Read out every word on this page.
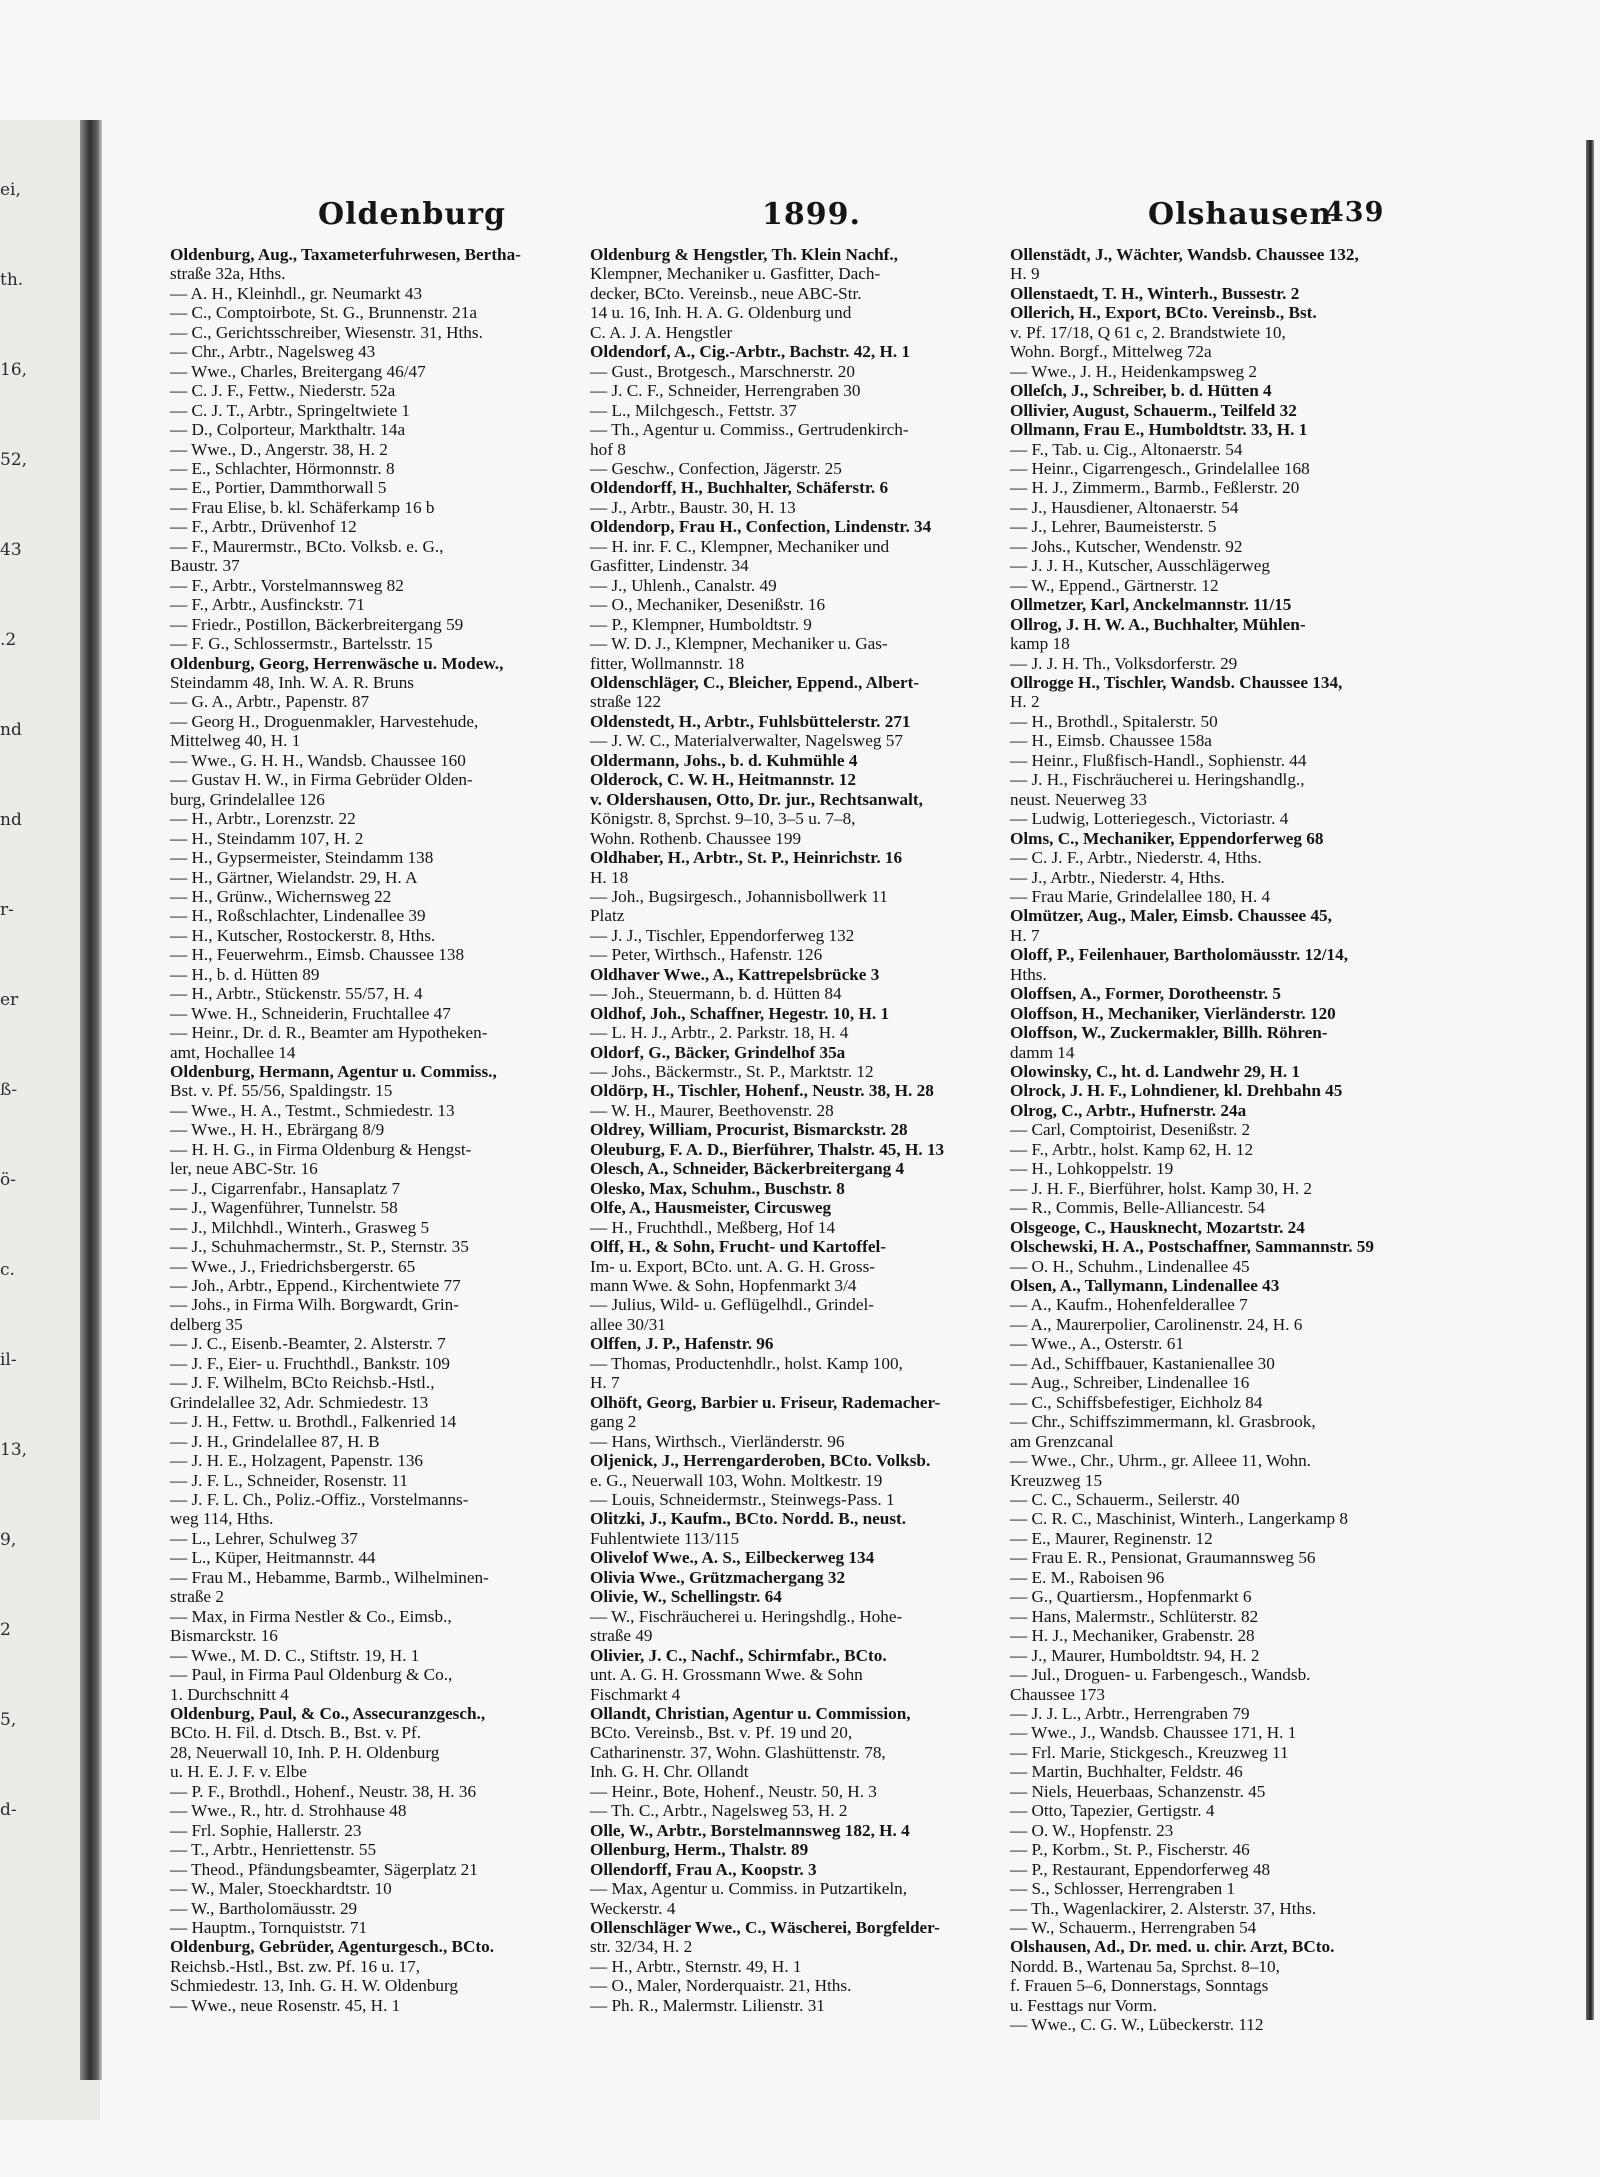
ei,
th.
16,
52,
43
.2
nd
nd
r-
er
ß-
ö-
c.
il-
13,
9,
2
5,
d-
Oldenburg	1899.	Olshausen
439
Oldenburg, Aug., Taxameterfuhrwesen, Bertha-
straße 32a, Hths.
— A. H., Kleinhdl., gr. Neumarkt 43
— C., Comptoirbote, St. G., Brunnenstr. 21a
— C., Gerichtsschreiber, Wiesenstr. 31, Hths.
— Chr., Arbtr., Nagelsweg 43
— Wwe., Charles, Breitergang 46/47
— C. J. F., Fettw., Niederstr. 52a
— C. J. T., Arbtr., Springeltwiete 1
— D., Colporteur, Markthaltr. 14a
— Wwe., D., Angerstr. 38, H. 2
— E., Schlachter, Hörmonnstr. 8
— E., Portier, Dammthorwall 5
— Frau Elise, b. kl. Schäferkamp 16 b
— F., Arbtr., Drüvenhof 12
— F., Maurermstr., BCto. Volksb. e. G.,
Baustr. 37
— F., Arbtr., Vorstelmannsweg 82
— F., Arbtr., Ausfinckstr. 71
— Friedr., Postillon, Bäckerbreitergang 59
— F. G., Schlossermstr., Bartelsstr. 15
Oldenburg, Georg, Herrenwäsche u. Modew.,
Steindamm 48, Inh. W. A. R. Bruns
— G. A., Arbtr., Papenstr. 87
— Georg H., Droguenmakler, Harvestehude,
Mittelweg 40, H. 1
— Wwe., G. H. H., Wandsb. Chaussee 160
— Gustav H. W., in Firma Gebrüder Olden-
burg, Grindelallee 126
— H., Arbtr., Lorenzstr. 22
— H., Steindamm 107, H. 2
— H., Gypsermeister, Steindamm 138
— H., Gärtner, Wielandstr. 29, H. A
— H., Grünw., Wichernsweg 22
— H., Roßschlachter, Lindenallee 39
— H., Kutscher, Rostockerstr. 8, Hths.
— H., Feuerwehrm., Eimsb. Chaussee 138
— H., b. d. Hütten 89
— H., Arbtr., Stückenstr. 55/57, H. 4
— Wwe. H., Schneiderin, Fruchtallee 47
— Heinr., Dr. d. R., Beamter am Hypotheken-
amt, Hochallee 14
Oldenburg, Hermann, Agentur u. Commiss.,
Bst. v. Pf. 55/56, Spaldingstr. 15
— Wwe., H. A., Testmt., Schmiedestr. 13
— Wwe., H. H., Ebrärgang 8/9
— H. H. G., in Firma Oldenburg & Hengst-
ler, neue ABC-Str. 16
— J., Cigarrenfabr., Hansaplatz 7
— J., Wagenführer, Tunnelstr. 58
— J., Milchhdl., Winterh., Grasweg 5
— J., Schuhmachermstr., St. P., Sternstr. 35
— Wwe., J., Friedrichsbergerstr. 65
— Joh., Arbtr., Eppend., Kirchentwiete 77
— Johs., in Firma Wilh. Borgwardt, Grin-
delberg 35
— J. C., Eisenb.-Beamter, 2. Alsterstr. 7
— J. F., Eier- u. Fruchthdl., Bankstr. 109
— J. F. Wilhelm, BCto Reichsb.-Hstl.,
Grindelallee 32, Adr. Schmiedestr. 13
— J. H., Fettw. u. Brothdl., Falkenried 14
— J. H., Grindelallee 87, H. B
— J. H. E., Holzagent, Papenstr. 136
— J. F. L., Schneider, Rosenstr. 11
— J. F. L. Ch., Poliz.-Offiz., Vorstelmanns-
weg 114, Hths.
— L., Lehrer, Schulweg 37
— L., Küper, Heitmannstr. 44
— Frau M., Hebamme, Barmb., Wilhelminen-
straße 2
— Max, in Firma Nestler & Co., Eimsb.,
Bismarckstr. 16
— Wwe., M. D. C., Stiftstr. 19, H. 1
— Paul, in Firma Paul Oldenburg & Co.,
1. Durchschnitt 4
Oldenburg, Paul, & Co., Assecuranzgesch.,
BCto. H. Fil. d. Dtsch. B., Bst. v. Pf.
28, Neuerwall 10, Inh. P. H. Oldenburg
u. H. E. J. F. v. Elbe
— P. F., Brothdl., Hohenf., Neustr. 38, H. 36
— Wwe., R., htr. d. Strohhause 48
— Frl. Sophie, Hallerstr. 23
— T., Arbtr., Henriettenstr. 55
— Theod., Pfändungsbeamter, Sägerplatz 21
— W., Maler, Stoeckhardtstr. 10
— W., Bartholomäusstr. 29
— Hauptm., Tornquiststr. 71
Oldenburg, Gebrüder, Agenturgesch., BCto.
Reichsb.-Hstl., Bst. zw. Pf. 16 u. 17,
Schmiedestr. 13, Inh. G. H. W. Oldenburg
— Wwe., neue Rosenstr. 45, H. 1
Oldenburg & Hengstler, Th. Klein Nachf.,
Klempner, Mechaniker u. Gasfitter, Dach-
decker, BCto. Vereinsb., neue ABC-Str.
14 u. 16, Inh. H. A. G. Oldenburg und
C. A. J. A. Hengstler
Oldendorf, A., Cig.-Arbtr., Bachstr. 42, H. 1
— Gust., Brotgesch., Marschnerstr. 20
— J. C. F., Schneider, Herrengraben 30
— L., Milchgesch., Fettstr. 37
— Th., Agentur u. Commiss., Gertrudenkirch-
hof 8
— Geschw., Confection, Jägerstr. 25
Oldendorff, H., Buchhalter, Schäferstr. 6
— J., Arbtr., Baustr. 30, H. 13
Oldendorp, Frau H., Confection, Lindenstr. 34
— H. inr. F. C., Klempner, Mechaniker und
Gasfitter, Lindenstr. 34
— J., Uhlenh., Canalstr. 49
— O., Mechaniker, Desenißstr. 16
— P., Klempner, Humboldtstr. 9
— W. D. J., Klempner, Mechaniker u. Gas-
fitter, Wollmannstr. 18
Oldenschläger, C., Bleicher, Eppend., Albert-
straße 122
Oldenstedt, H., Arbtr., Fuhlsbüttelerstr. 271
— J. W. C., Materialverwalter, Nagelsweg 57
Oldermann, Johs., b. d. Kuhmühle 4
Olderock, C. W. H., Heitmannstr. 12
v. Oldershausen, Otto, Dr. jur., Rechtsanwalt,
Königstr. 8, Sprchst. 9–10, 3–5 u. 7–8,
Wohn. Rothenb. Chaussee 199
Oldhaber, H., Arbtr., St. P., Heinrichstr. 16
H. 18
— Joh., Bugsirgesch., Johannisbollwerk 11
Platz
— J. J., Tischler, Eppendorferweg 132
— Peter, Wirthsch., Hafenstr. 126
Oldhaver Wwe., A., Kattrepelsbrücke 3
— Joh., Steuermann, b. d. Hütten 84
Oldhof, Joh., Schaffner, Hegestr. 10, H. 1
— L. H. J., Arbtr., 2. Parkstr. 18, H. 4
Oldorf, G., Bäcker, Grindelhof 35a
— Johs., Bäckermstr., St. P., Marktstr. 12
Oldörp, H., Tischler, Hohenf., Neustr. 38, H. 28
— W. H., Maurer, Beethovenstr. 28
Oldrey, William, Procurist, Bismarckstr. 28
Oleuburg, F. A. D., Bierführer, Thalstr. 45, H. 13
Olesch, A., Schneider, Bäckerbreitergang 4
Olesko, Max, Schuhm., Buschstr. 8
Olfe, A., Hausmeister, Circusweg
— H., Fruchthdl., Meßberg, Hof 14
Olff, H., & Sohn, Frucht- und Kartoffel-
Im- u. Export, BCto. unt. A. G. H. Gross-
mann Wwe. & Sohn, Hopfenmarkt 3/4
— Julius, Wild- u. Geflügelhdl., Grindel-
allee 30/31
Olffen, J. P., Hafenstr. 96
— Thomas, Productenhdlr., holst. Kamp 100,
H. 7
Olhöft, Georg, Barbier u. Friseur, Rademacher-
gang 2
— Hans, Wirthsch., Vierländerstr. 96
Oljenick, J., Herrengarderoben, BCto. Volksb.
e. G., Neuerwall 103, Wohn. Moltkestr. 19
— Louis, Schneidermstr., Steinwegs-Pass. 1
Olitzki, J., Kaufm., BCto. Nordd. B., neust.
Fuhlentwiete 113/115
Olivelof Wwe., A. S., Eilbeckerweg 134
Olivia Wwe., Grützmachergang 32
Olivie, W., Schellingstr. 64
— W., Fischräucherei u. Heringshdlg., Hohe-
straße 49
Olivier, J. C., Nachf., Schirmfabr., BCto.
unt. A. G. H. Grossmann Wwe. & Sohn
Fischmarkt 4
Ollandt, Christian, Agentur u. Commission,
BCto. Vereinsb., Bst. v. Pf. 19 und 20,
Catharinenstr. 37, Wohn. Glashüttenstr. 78,
Inh. G. H. Chr. Ollandt
— Heinr., Bote, Hohenf., Neustr. 50, H. 3
— Th. C., Arbtr., Nagelsweg 53, H. 2
Olle, W., Arbtr., Borstelmannsweg 182, H. 4
Ollenburg, Herm., Thalstr. 89
Ollendorff, Frau A., Koopstr. 3
— Max, Agentur u. Commiss. in Putzartikeln,
Weckerstr. 4
Ollenschläger Wwe., C., Wäscherei, Borgfelder-
str. 32/34, H. 2
— H., Arbtr., Sternstr. 49, H. 1
— O., Maler, Norderquaistr. 21, Hths.
— Ph. R., Malermstr. Lilienstr. 31
Ollenstädt, J., Wächter, Wandsb. Chaussee 132,
H. 9
Ollenstaedt, T. H., Winterh., Bussestr. 2
Ollerich, H., Export, BCto. Vereinsb., Bst.
v. Pf. 17/18, Q 61 c, 2. Brandstwiete 10,
Wohn. Borgf., Mittelweg 72a
— Wwe., J. H., Heidenkampsweg 2
Olleſch, J., Schreiber, b. d. Hütten 4
Ollivier, August, Schauerm., Teilfeld 32
Ollmann, Frau E., Humboldtstr. 33, H. 1
— F., Tab. u. Cig., Altonaerstr. 54
— Heinr., Cigarrengesch., Grindelallee 168
— H. J., Zimmerm., Barmb., Feßlerstr. 20
— J., Hausdiener, Altonaerstr. 54
— J., Lehrer, Baumeisterstr. 5
— Johs., Kutscher, Wendenstr. 92
— J. J. H., Kutscher, Ausschlägerweg
— W., Eppend., Gärtnerstr. 12
Ollmetzer, Karl, Anckelmannstr. 11/15
Ollrog, J. H. W. A., Buchhalter, Mühlen-
kamp 18
— J. J. H. Th., Volksdorferstr. 29
Ollrogge H., Tischler, Wandsb. Chaussee 134,
H. 2
— H., Brothdl., Spitalerstr. 50
— H., Eimsb. Chaussee 158a
— Heinr., Flußfisch-Handl., Sophienstr. 44
— J. H., Fischräucherei u. Heringshandlg.,
neust. Neuerweg 33
— Ludwig, Lotteriegesch., Victoriastr. 4
Olms, C., Mechaniker, Eppendorferweg 68
— C. J. F., Arbtr., Niederstr. 4, Hths.
— J., Arbtr., Niederstr. 4, Hths.
— Frau Marie, Grindelallee 180, H. 4
Olmützer, Aug., Maler, Eimsb. Chaussee 45,
H. 7
Oloff, P., Feilenhauer, Bartholomäusstr. 12/14,
Hths.
Oloffsen, A., Former, Dorotheenstr. 5
Oloffson, H., Mechaniker, Vierländerstr. 120
Oloffson, W., Zuckermakler, Billh. Röhren-
damm 14
Olowinsky, C., ht. d. Landwehr 29, H. 1
Olrock, J. H. F., Lohndiener, kl. Drehbahn 45
Olrog, C., Arbtr., Hufnerstr. 24a
— Carl, Comptoirist, Desenißstr. 2
— F., Arbtr., holst. Kamp 62, H. 12
— H., Lohkoppelstr. 19
— J. H. F., Bierführer, holst. Kamp 30, H. 2
— R., Commis, Belle-Alliancestr. 54
Olsgeoge, C., Hausknecht, Mozartstr. 24
Olschewski, H. A., Postschaffner, Sammannstr. 59
— O. H., Schuhm., Lindenallee 45
Olsen, A., Tallymann, Lindenallee 43
— A., Kaufm., Hohenfelderallee 7
— A., Maurerpolier, Carolinenstr. 24, H. 6
— Wwe., A., Osterstr. 61
— Ad., Schiffbauer, Kastanienallee 30
— Aug., Schreiber, Lindenallee 16
— C., Schiffsbefestiger, Eichholz 84
— Chr., Schiffszimmermann, kl. Grasbrook,
am Grenzcanal
— Wwe., Chr., Uhrm., gr. Alleee 11, Wohn.
Kreuzweg 15
— C. C., Schauerm., Seilerstr. 40
— C. R. C., Maschinist, Winterh., Langerkamp 8
— E., Maurer, Reginenstr. 12
— Frau E. R., Pensionat, Graumannsweg 56
— E. M., Raboisen 96
— G., Quartiersm., Hopfenmarkt 6
— Hans, Malermstr., Schlüterstr. 82
— H. J., Mechaniker, Grabenstr. 28
— J., Maurer, Humboldtstr. 94, H. 2
— Jul., Droguen- u. Farbengesch., Wandsb.
Chaussee 173
— J. J. L., Arbtr., Herrengraben 79
— Wwe., J., Wandsb. Chaussee 171, H. 1
— Frl. Marie, Stickgesch., Kreuzweg 11
— Martin, Buchhalter, Feldstr. 46
— Niels, Heuerbaas, Schanzenstr. 45
— Otto, Tapezier, Gertigstr. 4
— O. W., Hopfenstr. 23
— P., Korbm., St. P., Fischerstr. 46
— P., Restaurant, Eppendorferweg 48
— S., Schlosser, Herrengraben 1
— Th., Wagenlackirer, 2. Alsterstr. 37, Hths.
— W., Schauerm., Herrengraben 54
Olshausen, Ad., Dr. med. u. chir. Arzt, BCto.
Nordd. B., Wartenau 5a, Sprchst. 8–10,
f. Frauen 5–6, Donnerstags, Sonntags
u. Festtags nur Vorm.
— Wwe., C. G. W., Lübeckerstr. 112
